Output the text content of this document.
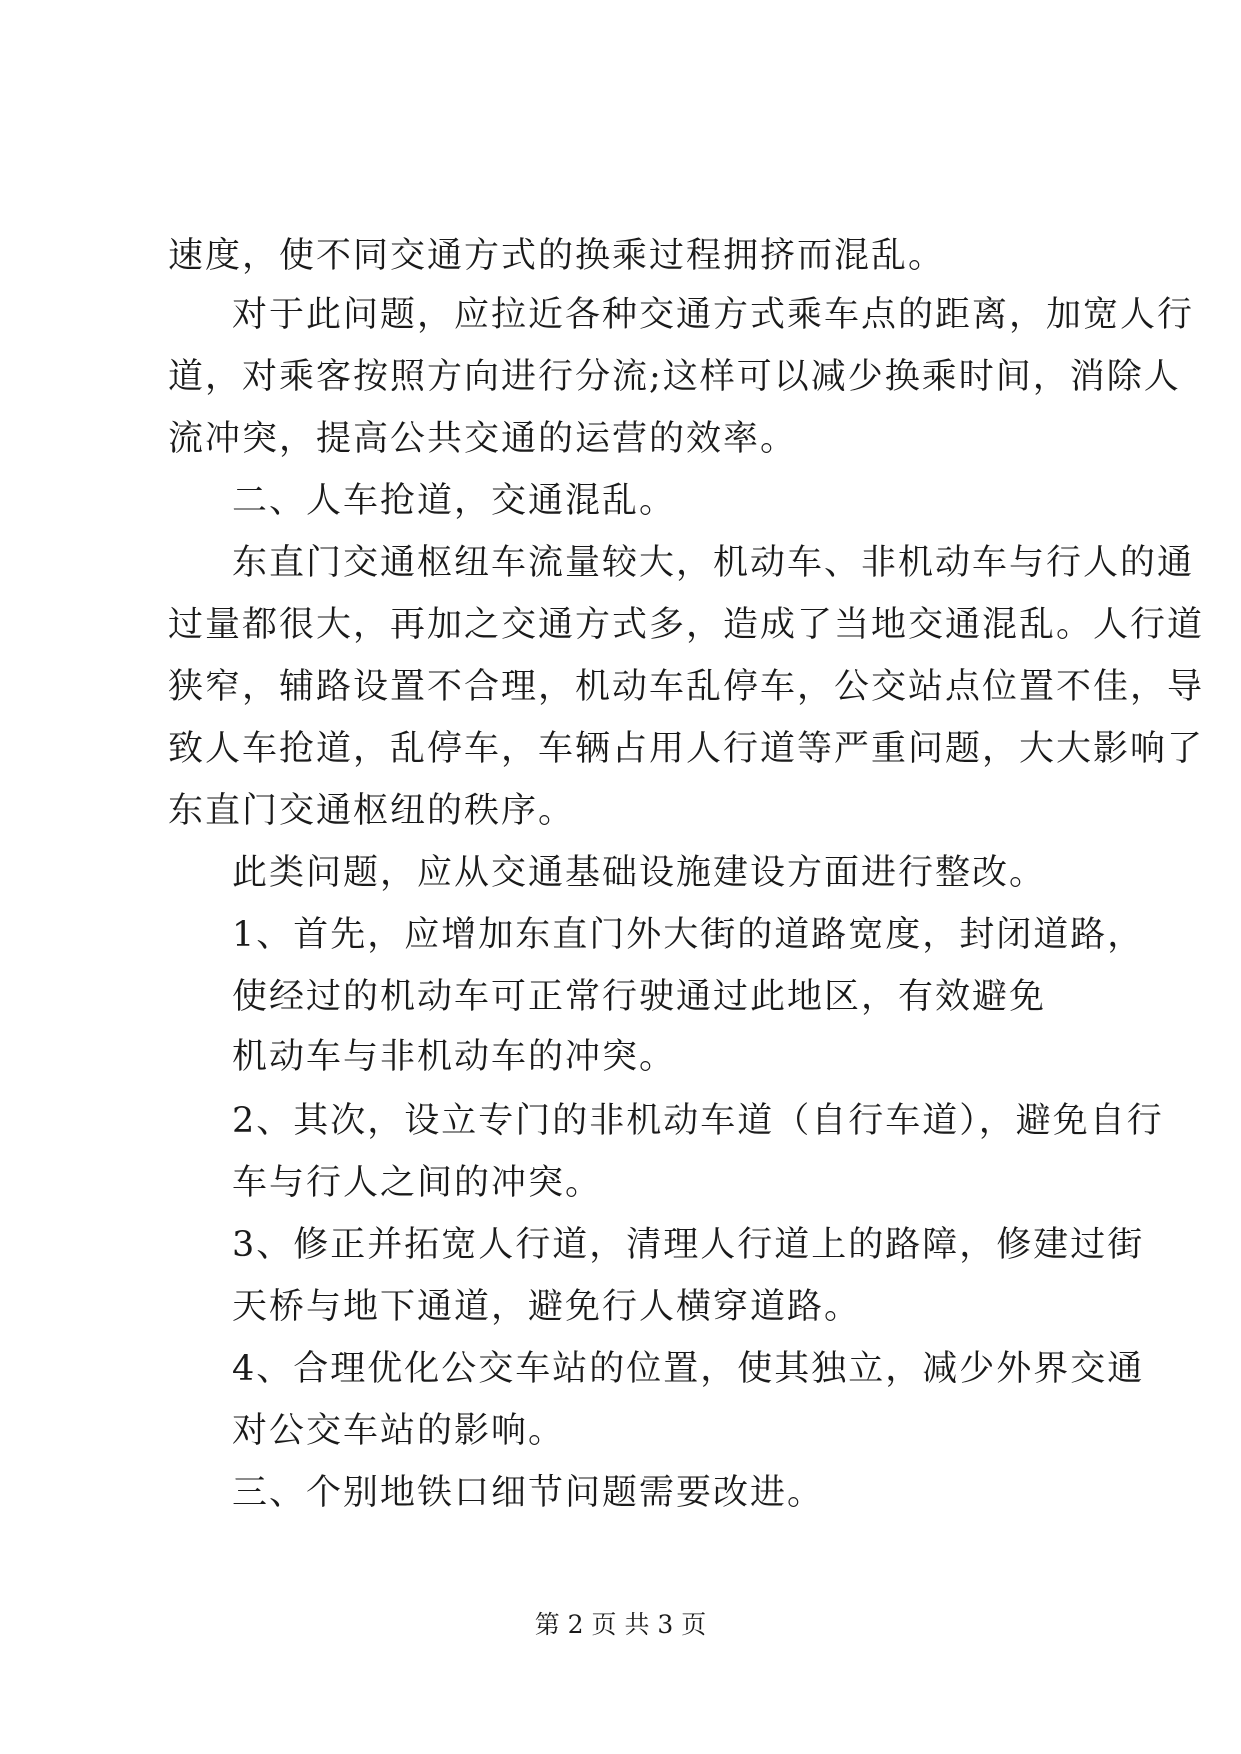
速度，使不同交通方式的换乘过程拥挤而混乱。
对于此问题，应拉近各种交通方式乘车点的距离，加宽人行
道，对乘客按照方向进行分流;这样可以减少换乘时间，消除人
流冲突，提高公共交通的运营的效率。
二、人车抢道，交通混乱。
东直门交通枢纽车流量较大，机动车、非机动车与行人的通
过量都很大，再加之交通方式多，造成了当地交通混乱。人行道
狭窄，辅路设置不合理，机动车乱停车，公交站点位置不佳，导
致人车抢道，乱停车，车辆占用人行道等严重问题，大大影响了
东直门交通枢纽的秩序。
此类问题，应从交通基础设施建设方面进行整改。
1、首先，应增加东直门外大街的道路宽度，封闭道路，
使经过的机动车可正常行驶通过此地区，有效避免
机动车与非机动车的冲突。
2、其次，设立专门的非机动车道（自行车道），避免自行
车与行人之间的冲突。
3、修正并拓宽人行道，清理人行道上的路障，修建过街
天桥与地下通道，避免行人横穿道路。
4、合理优化公交车站的位置，使其独立，减少外界交通
对公交车站的影响。
三、个别地铁口细节问题需要改进。
第 2 页 共 3 页
